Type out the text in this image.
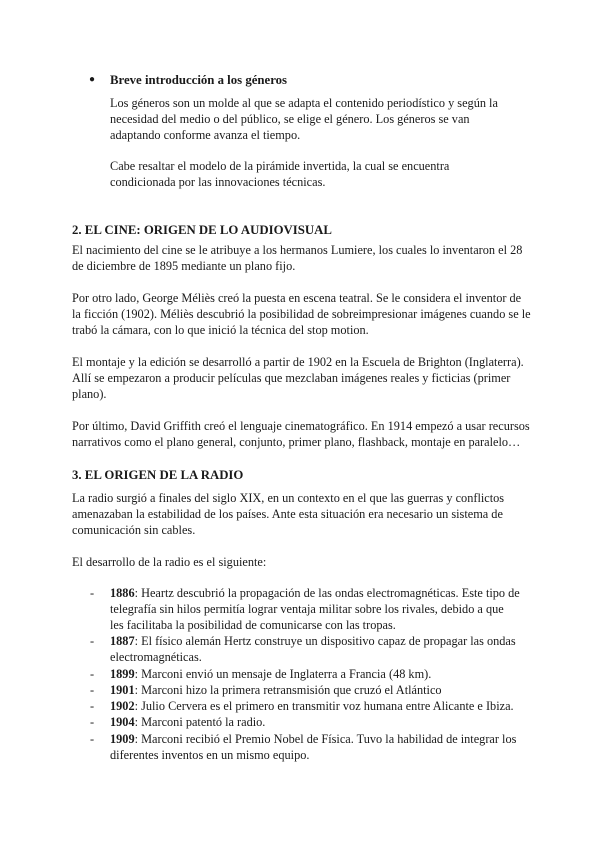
● Breve introducción a los géneros
Los géneros son un molde al que se adapta el contenido periodístico y según la necesidad del medio o del público, se elige el género. Los géneros se van adaptando conforme avanza el tiempo.
Cabe resaltar el modelo de la pirámide invertida, la cual se encuentra condicionada por las innovaciones técnicas.
2. EL CINE: ORIGEN DE LO AUDIOVISUAL
El nacimiento del cine se le atribuye a los hermanos Lumiere, los cuales lo inventaron el 28 de diciembre de 1895 mediante un plano fijo.
Por otro lado, George Méliès creó la puesta en escena teatral. Se le considera el inventor de la ficción (1902). Méliès descubrió la posibilidad de sobreimpresionar imágenes cuando se le trabó la cámara, con lo que inició la técnica del stop motion.
El montaje y la edición se desarrolló a partir de 1902 en la Escuela de Brighton (Inglaterra). Allí se empezaron a producir películas que mezclaban imágenes reales y ficticias (primer plano).
Por último, David Griffith creó el lenguaje cinematográfico. En 1914 empezó a usar recursos narrativos como el plano general, conjunto, primer plano, flashback, montaje en paralelo…
3. EL ORIGEN DE LA RADIO
La radio surgió a finales del siglo XIX, en un contexto en el que las guerras y conflictos amenazaban la estabilidad de los países. Ante esta situación era necesario un sistema de comunicación sin cables.
El desarrollo de la radio es el siguiente:
- 1886: Heartz descubrió la propagación de las ondas electromagnéticas. Este tipo de telegrafía sin hilos permitía lograr ventaja militar sobre los rivales, debido a que les facilitaba la posibilidad de comunicarse con las tropas.
- 1887: El físico alemán Hertz construye un dispositivo capaz de propagar las ondas electromagnéticas.
- 1899: Marconi envió un mensaje de Inglaterra a Francia (48 km).
- 1901: Marconi hizo la primera retransmisión que cruzó el Atlántico
- 1902: Julio Cervera es el primero en transmitir voz humana entre Alicante e Ibiza.
- 1904: Marconi patentó la radio.
- 1909: Marconi recibió el Premio Nobel de Física. Tuvo la habilidad de integrar los diferentes inventos en un mismo equipo.
